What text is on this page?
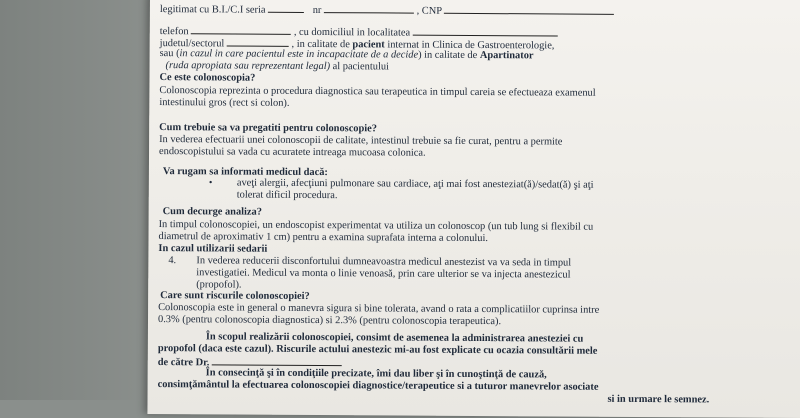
legitimat cu B.I./C.I seria	nr	, CNP
telefon	, cu domiciliul in localitatea
judetul/sectorul	, in calitate de pacient internat in Clinica de Gastroenterologie,
sau (in cazul in care pacientul este in incapacitate de a decide) in calitate de Apartinator
(ruda apropiata sau reprezentant legal) al pacientului
Ce este colonoscopia?
Colonoscopia reprezinta o procedura diagnostica sau terapeutica in timpul careia se efectueaza examenul
intestinului gros (rect si colon).
Cum trebuie sa va pregatiti pentru colonoscopie?
In vederea efectuarii unei colonoscopii de calitate, intestinul trebuie sa fie curat, pentru a permite
endoscopistului sa vada cu acuratete intreaga mucoasa colonica.
Va rugam sa informati medicul dacă:
• aveţi alergii, afecţiuni pulmonare sau cardiace, aţi mai fost anesteziat(ă)/sedat(ă) şi aţi
tolerat dificil procedura.
Cum decurge analiza?
In timpul colonoscopiei, un endoscopist experimentat va utiliza un colonoscop (un tub lung si flexibil cu
diametrul de aproximativ 1 cm) pentru a examina suprafata interna a colonului.
In cazul utilizarii sedarii
4. In vederea reducerii disconfortului dumneavoastra medicul anestezist va va seda in timpul
investigatiei. Medicul va monta o linie venoasă, prin care ulterior se va injecta anestezicul
(propofol).
Care sunt riscurile colonoscopiei?
Colonoscopia este in general o manevra sigura si bine tolerata, avand o rata a complicatiilor cuprinsa intre
0.3% (pentru colonoscopia diagnostica) si 2.3% (pentru colonoscopia terapeutica).
În scopul realizării colonoscopiei, consimt de asemenea la administrarea anesteziei cu
propofol (daca este cazul). Riscurile actului anestezic mi-au fost explicate cu ocazia consultării mele
de către Dr.
În consecinţă şi în condiţiile precizate, îmi dau liber şi în cunoştinţă de cauză,
consimţământul la efectuarea colonoscopiei diagnostice/terapeutice si a tuturor manevrelor asociate
si in urmare le semnez.
